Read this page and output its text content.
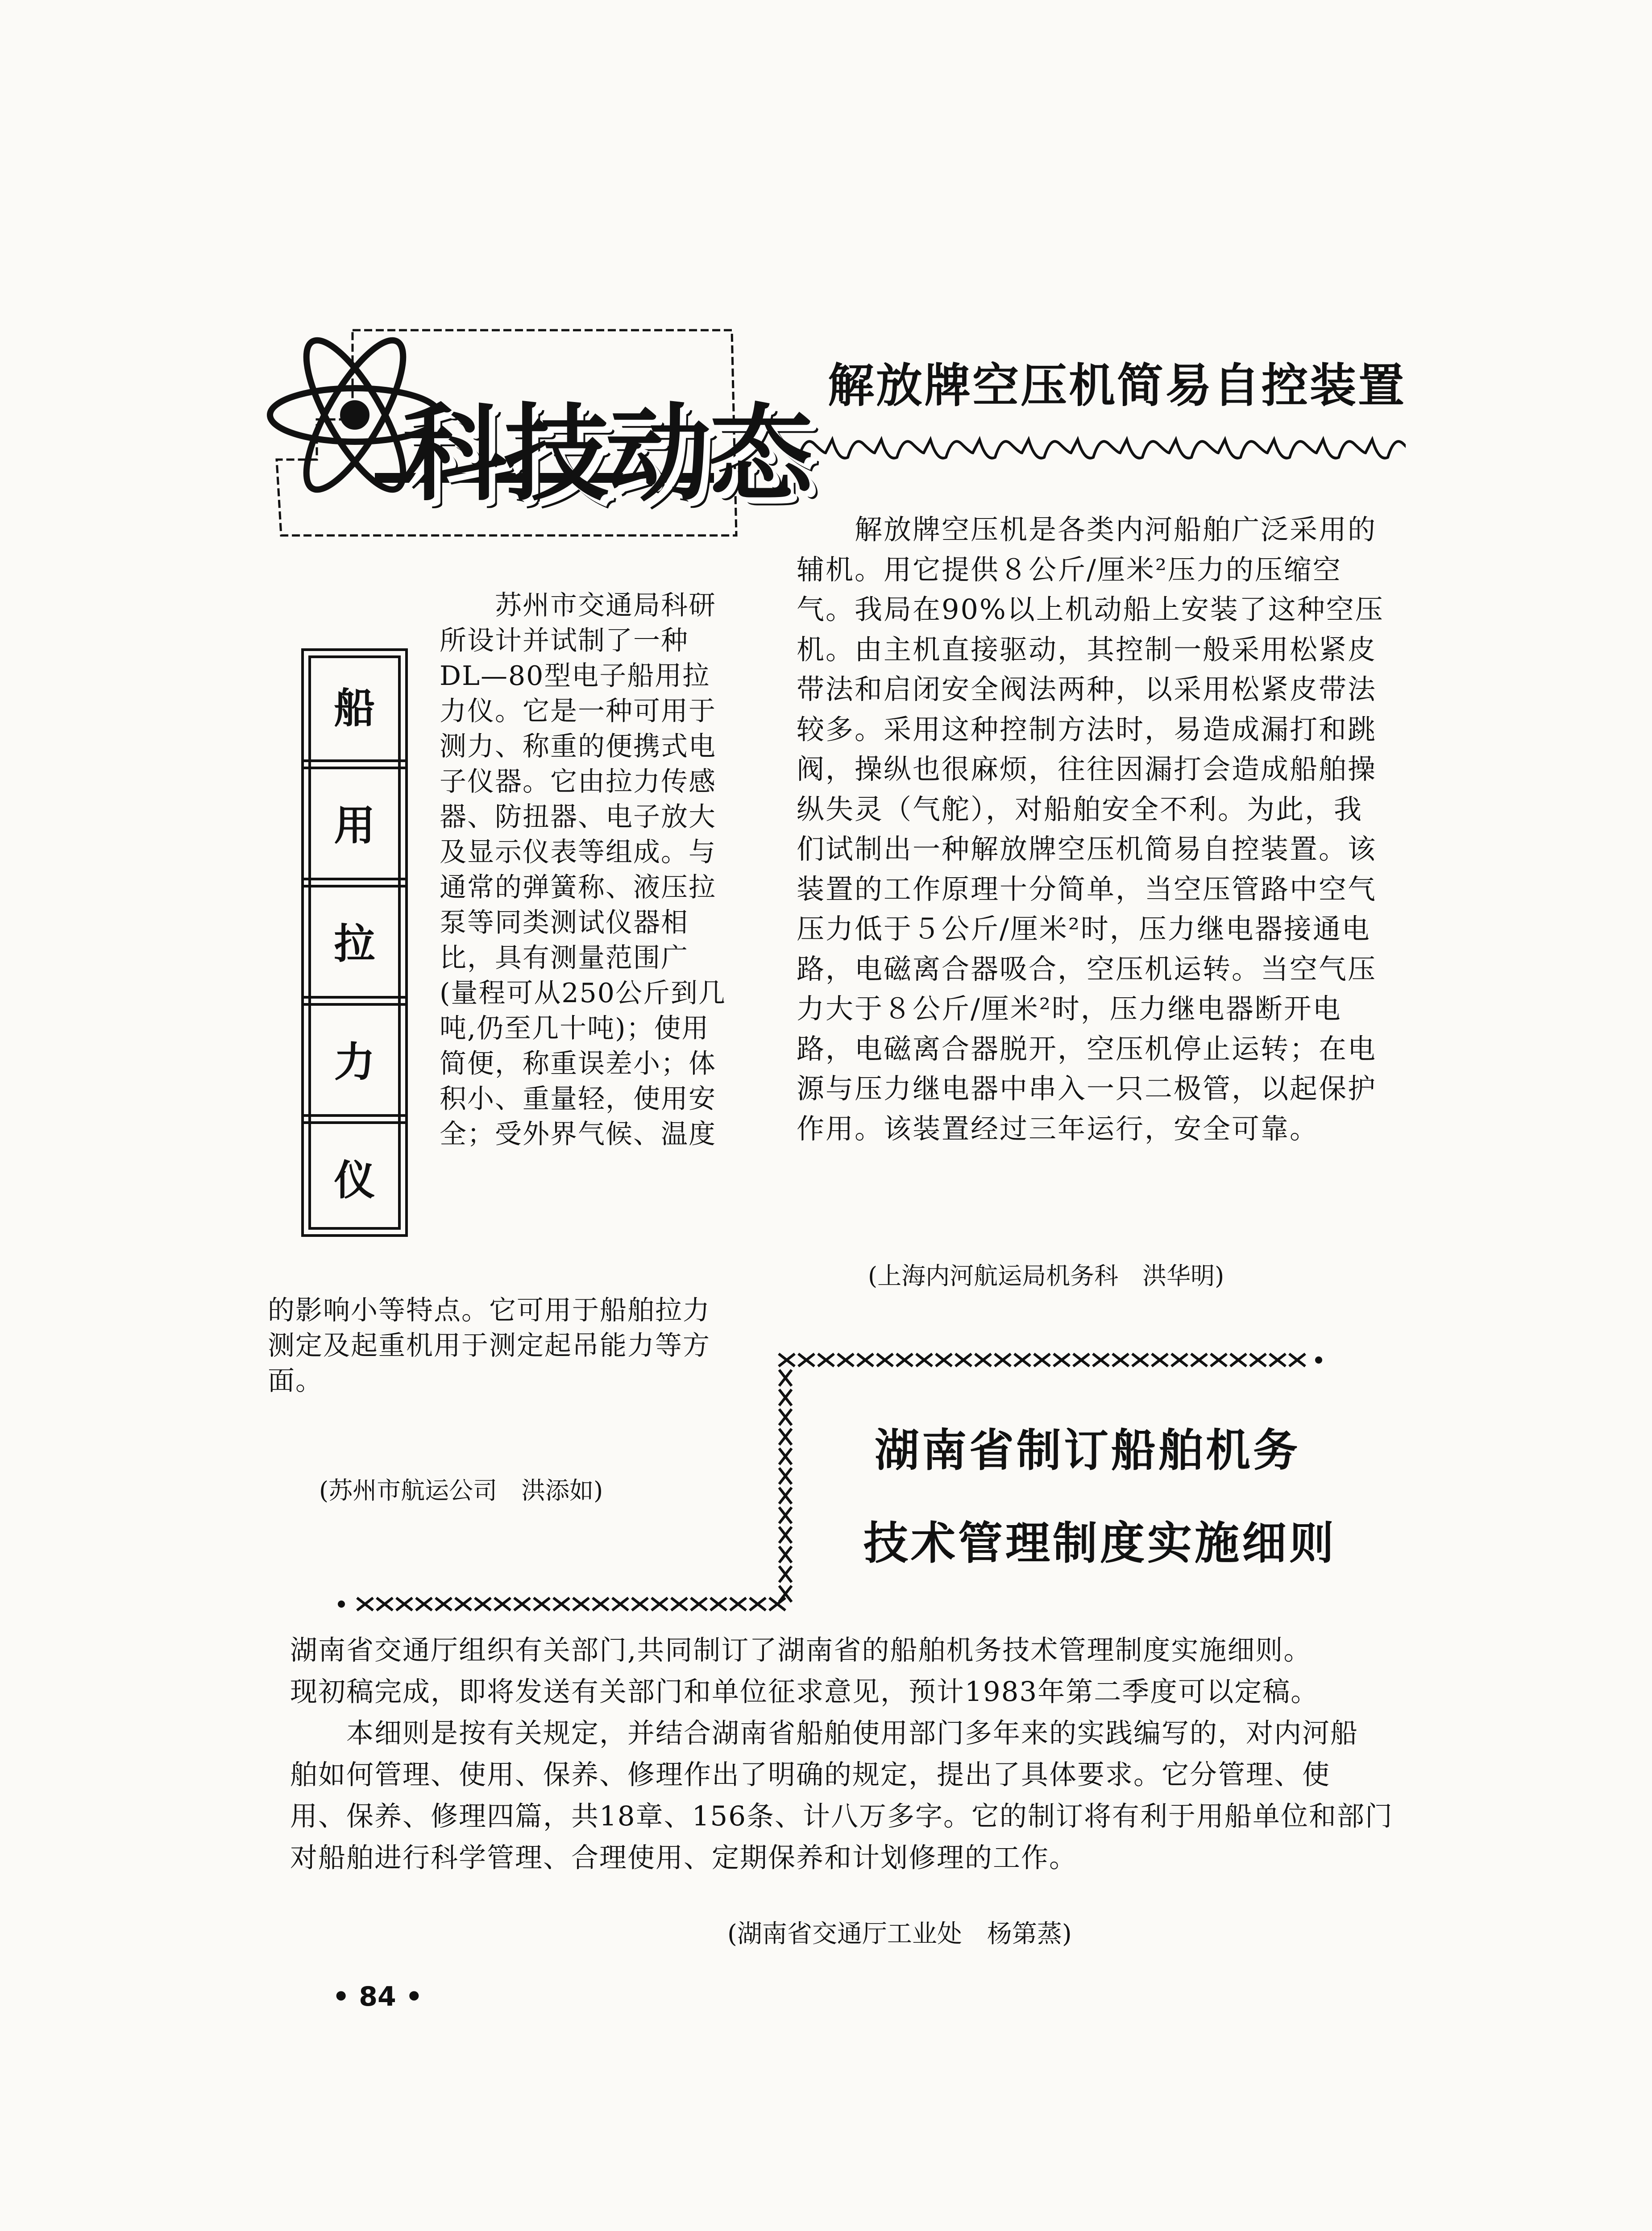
科技动态
船
用
拉
力
仪
　　苏州市交通局科研
所设计并试制了一种
DL—80型电子船用拉
力仪。它是一种可用于
测力、称重的便携式电
子仪器。它由拉力传感
器、防扭器、电子放大
及显示仪表等组成。与
通常的弹簧称、液压拉
泵等同类测试仪器相
比，具有测量范围广
(量程可从250公斤到几
吨,仍至几十吨)；使用
简便，称重误差小；体
积小、重量轻，使用安
全；受外界气候、温度
的影响小等特点。它可用于船舶拉力
测定及起重机用于测定起吊能力等方
面。
(苏州市航运公司　洪添如)
解放牌空压机简易自控装置
　　解放牌空压机是各类内河船舶广泛采用的
辅机。用它提供８公斤/厘米²压力的压缩空
气。我局在90%以上机动船上安装了这种空压
机。由主机直接驱动，其控制一般采用松紧皮
带法和启闭安全阀法两种，以采用松紧皮带法
较多。采用这种控制方法时，易造成漏打和跳
阀，操纵也很麻烦，往往因漏打会造成船舶操
纵失灵（气舵），对船舶安全不利。为此，我
们试制出一种解放牌空压机简易自控装置。该
装置的工作原理十分简单，当空压管路中空气
压力低于５公斤/厘米²时，压力继电器接通电
路，电磁离合器吸合，空压机运转。当空气压
力大于８公斤/厘米²时，压力继电器断开电
路，电磁离合器脱开，空压机停止运转；在电
源与压力继电器中串入一只二极管，以起保护
作用。该装置经过三年运行，安全可靠。
(上海内河航运局机务科　洪华明)
湖南省制订船舶机务
技术管理制度实施细则
湖南省交通厅组织有关部门,共同制订了湖南省的船舶机务技术管理制度实施细则。
现初稿完成，即将发送有关部门和单位征求意见，预计1983年第二季度可以定稿。
　　本细则是按有关规定，并结合湖南省船舶使用部门多年来的实践编写的，对内河船
舶如何管理、使用、保养、修理作出了明确的规定，提出了具体要求。它分管理、使
用、保养、修理四篇，共18章、156条、计八万多字。它的制订将有利于用船单位和部门
对船舶进行科学管理、合理使用、定期保养和计划修理的工作。
(湖南省交通厅工业处　杨第蒸)
• 84 •
